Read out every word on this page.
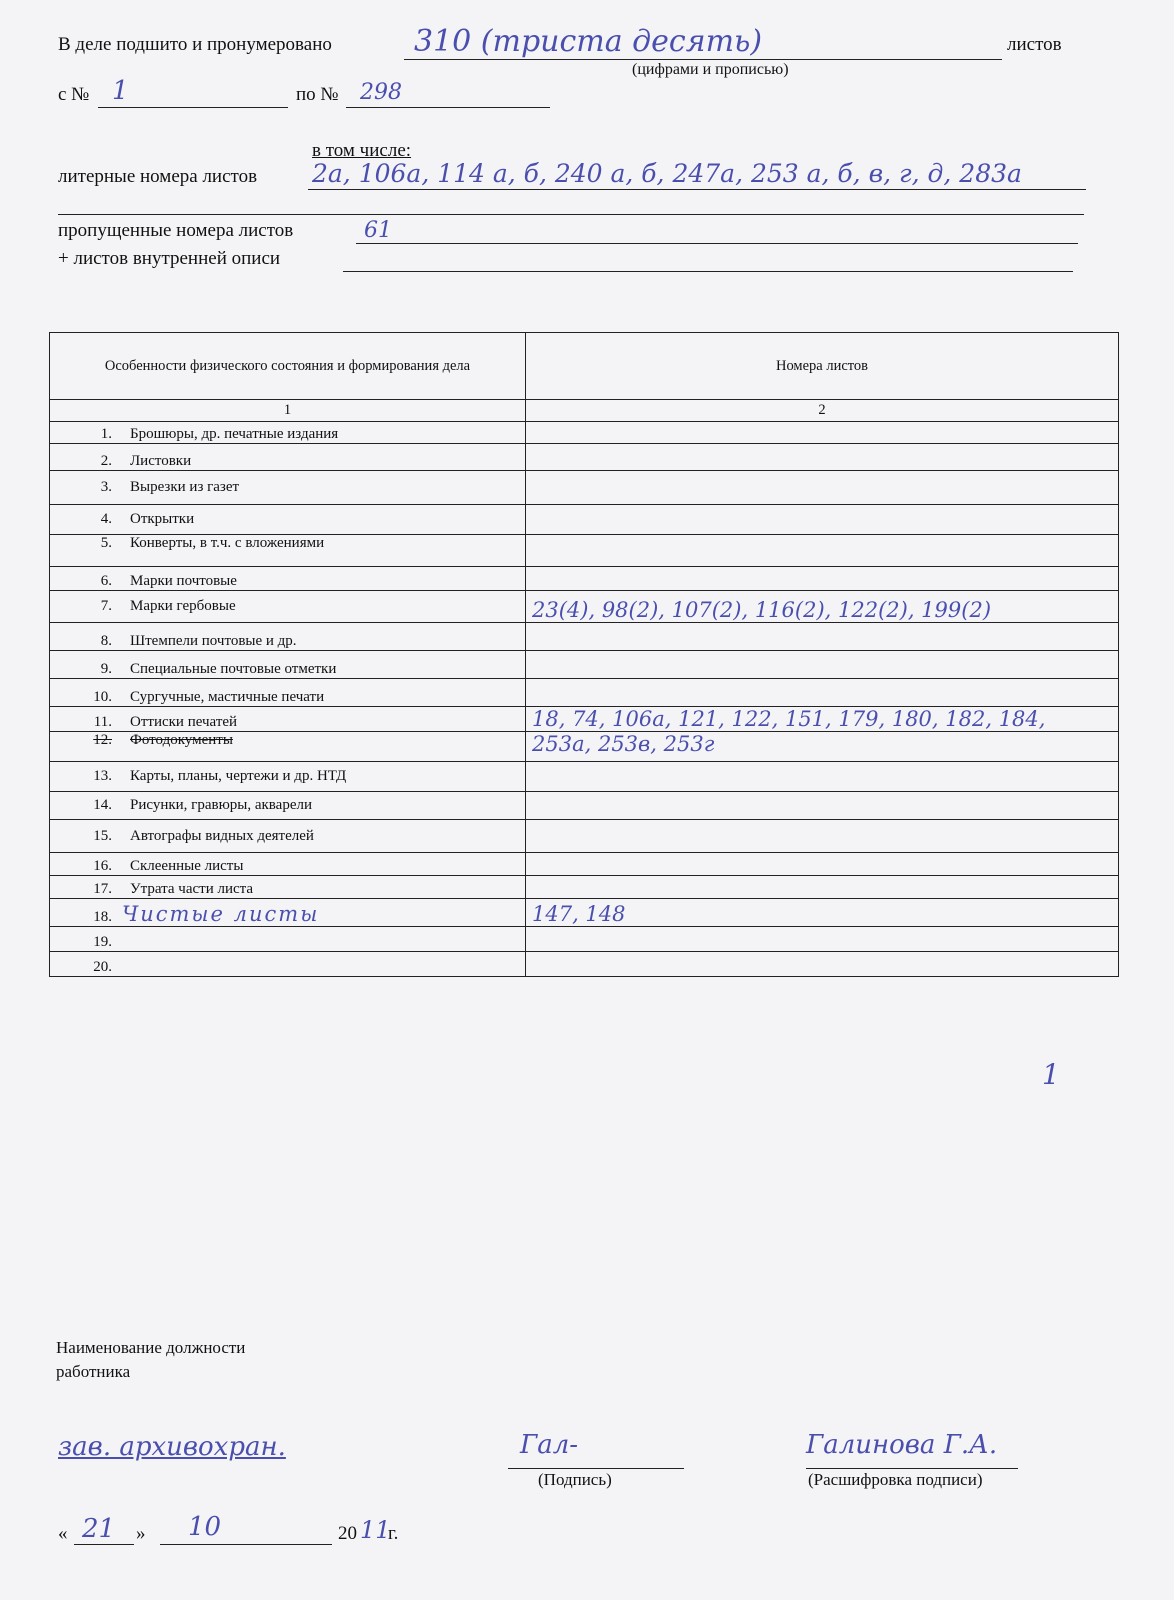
В деле подшито и пронумеровано	310 (триста десять)	листов
(цифрами и прописью)
с № 1	по № 298
в том числе:
литерные номера листов 2а, 106а, 114 а, б, 240 а, б, 247а, 253 а, б, в, г, д, 283а
пропущенные номера листов	61
+ листов внутренней описи
Особенности физического состояния и формирования дела	Номера листов
1	2
1. Брошюры, др. печатные издания	
2. Листовки	
3. Вырезки из газет	
4. Открытки	
5. Конверты, в т.ч. с вложениями	
6. Марки почтовые	
7. Марки гербовые	23(4), 98(2), 107(2), 116(2), 122(2), 199(2)
8. Штемпели почтовые и др.	
9. Специальные почтовые отметки	
10. Сургучные, мастичные печати	
11. Оттиски печатей	18, 74, 106а, 121, 122, 151, 179, 180, 182, 184,
12. Фотодокументы	253а, 253в, 253г
13. Карты, планы, чертежи и др. НТД	
14. Рисунки, гравюры, акварели	
15. Автографы видных деятелей	
16. Склеенные листы	
17. Утрата части листа	
18. Чистые листы	147, 148
19.	
20.	
1
Наименование должности
работника
зав. архивохран.	Гал-
(Подпись)
Галинова Г.А.
(Расшифровка подписи)
« 21 » 10	20 11
г.
